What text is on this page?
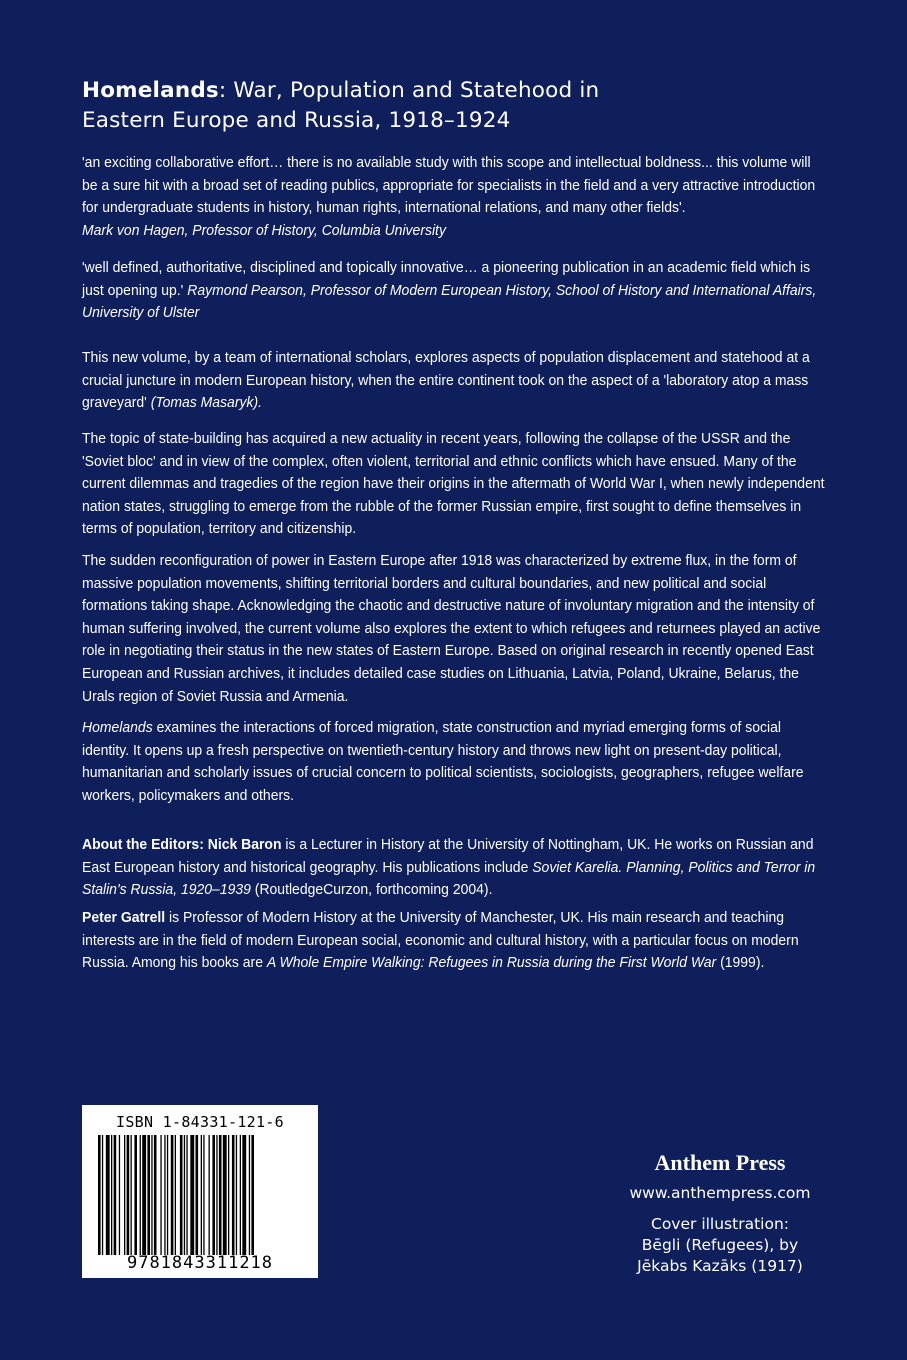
Homelands: War, Population and Statehood in
Eastern Europe and Russia, 1918–1924

'an exciting collaborative effort… there is no available study with this scope and intellectual boldness... this volume will be a sure hit with a broad set of reading publics, appropriate for specialists in the field and a very attractive introduction for undergraduate students in history, human rights, international relations, and many other fields'.
Mark von Hagen, Professor of History, Columbia University

'well defined, authoritative, disciplined and topically innovative… a pioneering publication in an academic field which is just opening up.' Raymond Pearson, Professor of Modern European History, School of History and International Affairs, University of Ulster

This new volume, by a team of international scholars, explores aspects of population displacement and statehood at a crucial juncture in modern European history, when the entire continent took on the aspect of a 'laboratory atop a mass graveyard' (Tomas Masaryk).

The topic of state-building has acquired a new actuality in recent years, following the collapse of the USSR and the 'Soviet bloc' and in view of the complex, often violent, territorial and ethnic conflicts which have ensued. Many of the current dilemmas and tragedies of the region have their origins in the aftermath of World War I, when newly independent nation states, struggling to emerge from the rubble of the former Russian empire, first sought to define themselves in terms of population, territory and citizenship.

The sudden reconfiguration of power in Eastern Europe after 1918 was characterized by extreme flux, in the form of massive population movements, shifting territorial borders and cultural boundaries, and new political and social formations taking shape. Acknowledging the chaotic and destructive nature of involuntary migration and the intensity of human suffering involved, the current volume also explores the extent to which refugees and returnees played an active role in negotiating their status in the new states of Eastern Europe. Based on original research in recently opened East European and Russian archives, it includes detailed case studies on Lithuania, Latvia, Poland, Ukraine, Belarus, the Urals region of Soviet Russia and Armenia.

Homelands examines the interactions of forced migration, state construction and myriad emerging forms of social identity. It opens up a fresh perspective on twentieth-century history and throws new light on present-day political, humanitarian and scholarly issues of crucial concern to political scientists, sociologists, geographers, refugee welfare workers, policymakers and others.

About the Editors: Nick Baron is a Lecturer in History at the University of Nottingham, UK. He works on Russian and East European history and historical geography. His publications include Soviet Karelia. Planning, Politics and Terror in Stalin's Russia, 1920–1939 (RoutledgeCurzon, forthcoming 2004).

Peter Gatrell is Professor of Modern History at the University of Manchester, UK. His main research and teaching interests are in the field of modern European social, economic and cultural history, with a particular focus on modern Russia. Among his books are A Whole Empire Walking: Refugees in Russia during the First World War (1999).

ISBN 1-84331-121-6
9781843311218
Anthem Press
www.anthempress.com
Cover illustration:
Bēgli (Refugees), by
Jēkabs Kazāks (1917)
